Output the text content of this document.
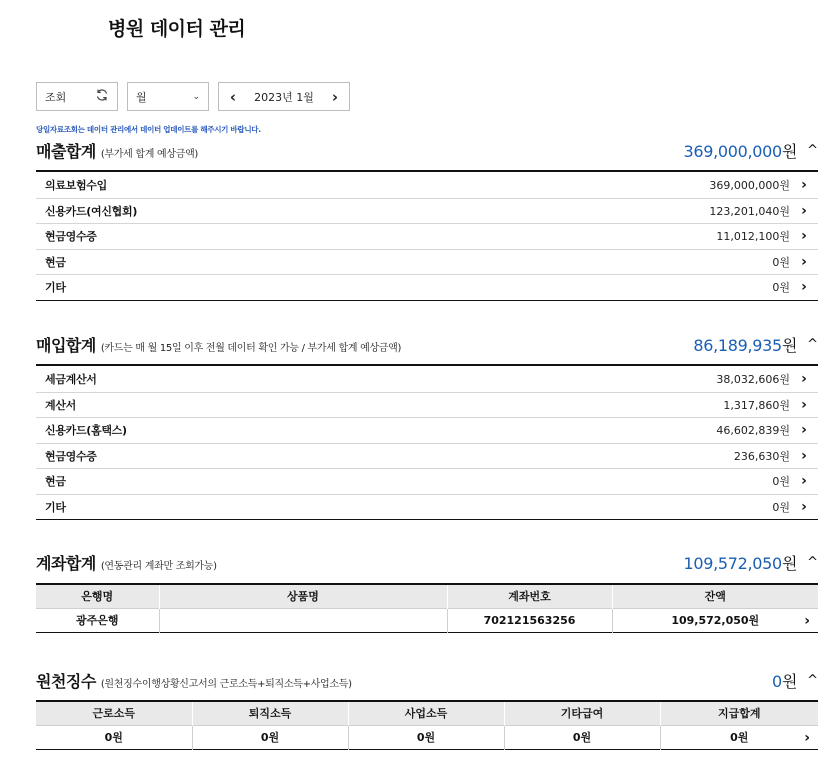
병원 데이터 관리
조회	월	⌄	‹	2023년 1월	›
당일자료조회는 데이터 관리에서 데이터 업데이트를 해주시기 바랍니다.
매출합계 (부가세 합계 예상금액)	369,000,000원 ^
의료보험수입	369,000,000원 ›
신용카드(여신협회)	123,201,040원 ›
현금영수증	11,012,100원 ›
현금	0원 ›
기타	0원 ›
매입합계 (카드는 매 월 15일 이후 전월 데이터 확인 가능 / 부가세 합계 예상금액)	86,189,935원 ^
세금계산서	38,032,606원 ›
계산서	1,317,860원 ›
신용카드(홈택스)	46,602,839원 ›
현금영수증	236,630원 ›
현금	0원 ›
기타	0원 ›
계좌합계 (연동관리 계좌만 조회가능)	109,572,050원 ^
은행명	상품명	계좌번호	잔액
광주은행		702121563256	109,572,050원 ›
원천징수 (원천징수이행상황신고서의 근로소득+퇴직소득+사업소득)	0원 ^
근로소득	퇴직소득	사업소득	기타급여	지급합계
0원	0원	0원	0원	0원 ›
